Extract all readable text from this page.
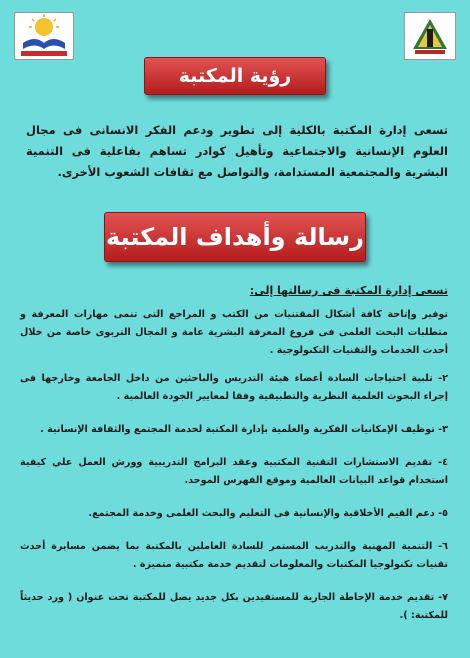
رؤية المكتبة
تسعى إدارة المكتبة بالكلية إلى تطوير ودعم الفكر الانسانى فى مجال العلوم الإنسانية والاجتماعية وتأهيل كوادر تساهم بفاعلية فى التنمية البشرية والمجتمعية المستدامة، والتواصل مع ثقافات الشعوب الأخرى.
رسالة وأهداف المكتبة
تسعى إدارة المكتبة فى رسالتها إلى:
توفير وإتاحة كافة أشكال المقتنيات من الكتب و المراجع التى تنمى مهارات المعرفة و متطلبات البحث العلمى فى فروع المعرفة البشرية عامة و المجال التربوى خاصة من خلال أحدث الخدمات والتقنيات التكنولوجية .
٢- تلبية احتياجات السادة أعضاء هيئة التدريس والباحثين من داخل الجامعة وخارجها فى إجراء البحوث العلمية النظرية والتطبيقية وفقا لمعايير الجودة العالمية .
٣- توظيف الإمكانيات الفكرية والعلمية بإدارة المكتبة لخدمة المجتمع والثقافة الإنسانية .
٤- تقديم الاستشارات التقنية المكتبية وعقد البرامج التدريبية وورش العمل علي كيفية استخدام قواعد البيانات العالمية وموقع الفهرس الموحد.
٥- دعم القيم الأخلاقية والإنسانية فى التعليم والبحث العلمى وخدمة المجتمع.
٦- التنمية المهنية والتدريب المستمر للسادة العاملين بالمكتبة بما يضمن مسايرة أحدث تقنيات تكنولوجيا المكتبات والمعلومات لتقديم خدمة مكتبية متميزة .
٧- تقديم خدمة الإحاطة الجارية للمستفيدين بكل جديد يصل للمكتبة تحت عنوان ( ورد حديثاً للمكتبة: ).
